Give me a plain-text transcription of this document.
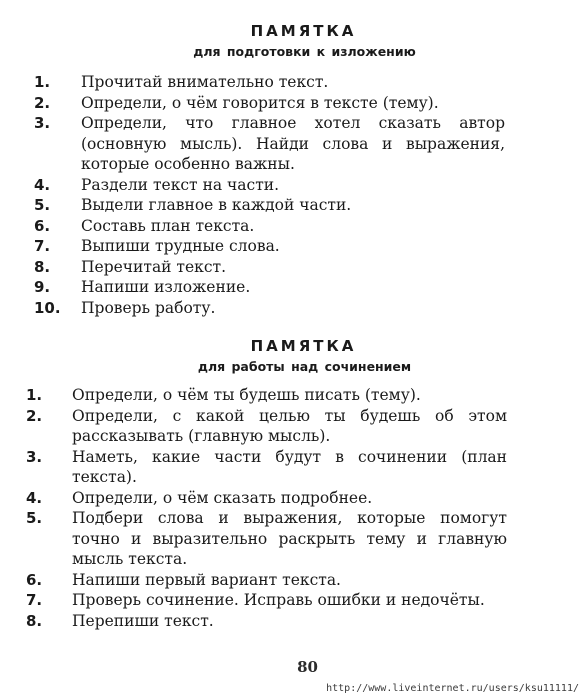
ПАМЯТКА
для подготовки к изложению
1.	Прочитай внимательно текст.
2.	Определи, о чём говорится в тексте (тему).
3.	Определи, что главное хотел сказать автор (основную мысль). Найди слова и выражения, которые особенно важны.
4.	Раздели текст на части.
5.	Выдели главное в каждой части.
6.	Составь план текста.
7.	Выпиши трудные слова.
8.	Перечитай текст.
9.	Напиши изложение.
10.	Проверь работу.
ПАМЯТКА
для работы над сочинением
1.	Определи, о чём ты будешь писать (тему).
2.	Определи, с какой целью ты будешь об этом рассказывать (главную мысль).
3.	Наметь, какие части будут в сочинении (план текста).
4.	Определи, о чём сказать подробнее.
5.	Подбери слова и выражения, которые помогут точно и выразительно раскрыть тему и главную мысль текста.
6.	Напиши первый вариант текста.
7.	Проверь сочинение. Исправь ошибки и недочёты.
8.	Перепиши текст.
80
http://www.liveinternet.ru/users/ksu11111/
